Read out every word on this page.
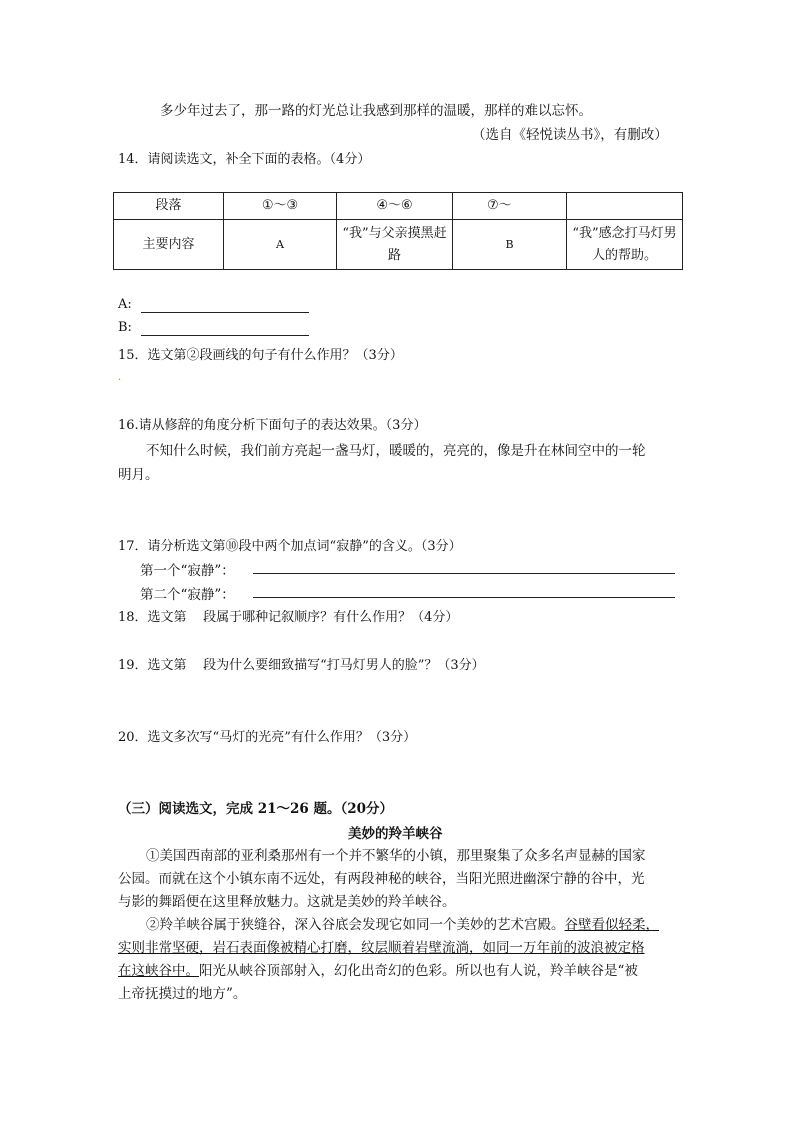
多少年过去了，那一路的灯光总让我感到那样的温暖，那样的难以忘怀。
（选自《轻悦读丛书》，有删改）
14．请阅读选文，补全下面的表格。（4分）
段落	①～③	④～⑥	⑦～	
主要内容	A	“我”与父亲摸黑赶路	B	“我”感念打马灯男人的帮助。
A:
B:
15．选文第②段画线的句子有什么作用？（3分）
.
16.请从修辞的角度分析下面句子的表达效果。（3分）
不知什么时候，我们前方亮起一盏马灯，暖暖的，亮亮的，像是升在林间空中的一轮
明月。
17．请分析选文第⑩段中两个加点词“寂静”的含义。（3分）
第一个“寂静”：
第二个“寂静”：
18．选文第    段属于哪种记叙顺序？有什么作用？（4分）
19．选文第    段为什么要细致描写“打马灯男人的脸”？（3分）
20．选文多次写“马灯的光亮”有什么作用？（3分）
（三）阅读选文，完成 21～26 题。（20分）
美妙的羚羊峡谷
①美国西南部的亚利桑那州有一个并不繁华的小镇，那里聚集了众多名声显赫的国家
公园。而就在这个小镇东南不远处，有两段神秘的峡谷，当阳光照进幽深宁静的谷中，光
与影的舞蹈便在这里释放魅力。这就是美妙的羚羊峡谷。
②羚羊峡谷属于狭缝谷，深入谷底会发现它如同一个美妙的艺术宫殿。谷壁看似轻柔，
实则非常坚硬，岩石表面像被精心打磨，纹层顺着岩壁流淌，如同一万年前的波浪被定格
在这峡谷中。阳光从峡谷顶部射入，幻化出奇幻的色彩。所以也有人说，羚羊峡谷是“被
上帝抚摸过的地方”。
